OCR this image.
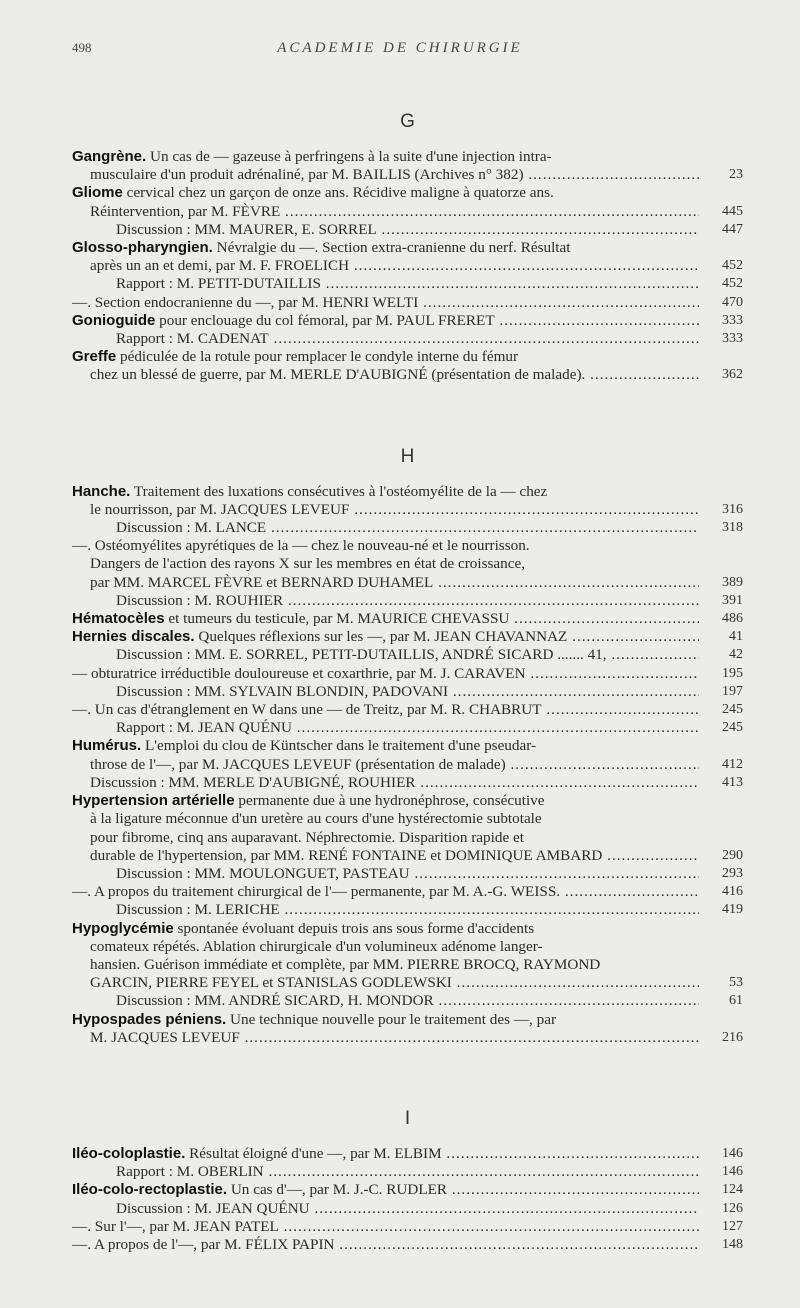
498	ACADEMIE DE CHIRURGIE
G
Gangrène. Un cas de — gazeuse à perfringens à la suite d'une injection intra-
musculaire d'un produit adrénaliné, par M. BAILLIS (Archives n° 382) .....	23
Gliome cervical chez un garçon de onze ans. Récidive maligne à quatorze ans.
Réintervention, par M. FÈVRE .....	445
Discussion : MM. MAURER, E. SORREL .....	447
Glosso-pharyngien. Névralgie du —. Section extra-cranienne du nerf. Résultat
après un an et demi, par M. F. FROELICH .....	452
Rapport : M. PETIT-DUTAILLIS .....	452
—. Section endocranienne du —, par M. HENRI WELTI .....	470
Gonioguide pour enclouage du col fémoral, par M. PAUL FRERET .....	333
Rapport : M. CADENAT .....	333
Greffe pédiculée de la rotule pour remplacer le condyle interne du fémur
chez un blessé de guerre, par M. MERLE D'AUBIGNÉ (présentation de malade). .....	362
H
Hanche. Traitement des luxations consécutives à l'ostéomyélite de la — chez
le nourrisson, par M. JACQUES LEVEUF .....	316
Discussion : M. LANCE .....	318
—. Ostéomyélites apyrétiques de la — chez le nouveau-né et le nourrisson.
Dangers de l'action des rayons X sur les membres en état de croissance,
par MM. MARCEL FÈVRE et BERNARD DUHAMEL .....	389
Discussion : M. ROUHIER .....	391
Hématocèles et tumeurs du testicule, par M. MAURICE CHEVASSU .....	486
Hernies discales. Quelques réflexions sur les —, par M. JEAN CHAVANNAZ .....	41
Discussion : MM. E. SORREL, PETIT-DUTAILLIS, ANDRÉ SICARD ....... 41, .....	42
— obturatrice irréductible douloureuse et coxarthrie, par M. J. CARAVEN .....	195
Discussion : MM. SYLVAIN BLONDIN, PADOVANI .....	197
—. Un cas d'étranglement en W dans une — de Treitz, par M. R. CHABRUT .....	245
Rapport : M. JEAN QUÉNU .....	245
Humérus. L'emploi du clou de Küntscher dans le traitement d'une pseudar-
throse de l'—, par M. JACQUES LEVEUF (présentation de malade) .....	412
Discussion : MM. MERLE D'AUBIGNÉ, ROUHIER .....	413
Hypertension artérielle permanente due à une hydronéphrose, consécutive
à la ligature méconnue d'un uretère au cours d'une hystérectomie subtotale
pour fibrome, cinq ans auparavant. Néphrectomie. Disparition rapide et
durable de l'hypertension, par MM. RENÉ FONTAINE et DOMINIQUE AMBARD .....	290
Discussion : MM. MOULONGUET, PASTEAU .....	293
—. A propos du traitement chirurgical de l'— permanente, par M. A.-G. WEISS. .....	416
Discussion : M. LERICHE .....	419
Hypoglycémie spontanée évoluant depuis trois ans sous forme d'accidents
comateux répétés. Ablation chirurgicale d'un volumineux adénome langer-
hansien. Guérison immédiate et complète, par MM. PIERRE BROCQ, RAYMOND
GARCIN, PIERRE FEYEL et STANISLAS GODLEWSKI .....	53
Discussion : MM. ANDRÉ SICARD, H. MONDOR .....	61
Hypospades péniens. Une technique nouvelle pour le traitement des —, par
M. JACQUES LEVEUF .....	216
I
Iléo-coloplastie. Résultat éloigné d'une —, par M. ELBIM .....	146
Rapport : M. OBERLIN .....	146
Iléo-colo-rectoplastie. Un cas d'—, par M. J.-C. RUDLER .....	124
Discussion : M. JEAN QUÉNU .....	126
—. Sur l'—, par M. JEAN PATEL .....	127
—. A propos de l'—, par M. FÉLIX PAPIN .....	148
